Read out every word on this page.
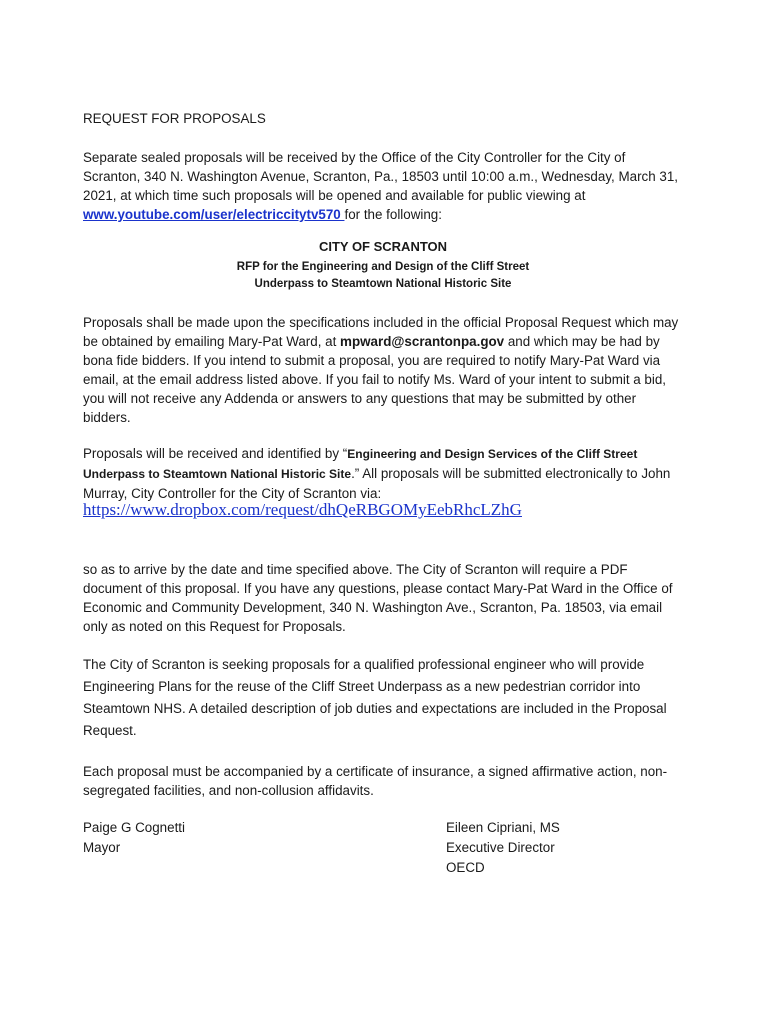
REQUEST FOR PROPOSALS

Separate sealed proposals will be received by the Office of the City Controller for the City of Scranton, 340 N. Washington Avenue, Scranton, Pa., 18503 until 10:00 a.m., Wednesday, March 31, 2021, at which time such proposals will be opened and available for public viewing at www.youtube.com/user/electriccitytv570 for the following:

CITY OF SCRANTON

RFP for the Engineering and Design of the Cliff Street
Underpass to Steamtown National Historic Site

Proposals shall be made upon the specifications included in the official Proposal Request which may be obtained by emailing Mary-Pat Ward, at mpward@scrantonpa.gov and which may be had by bona fide bidders. If you intend to submit a proposal, you are required to notify Mary-Pat Ward via email, at the email address listed above. If you fail to notify Ms. Ward of your intent to submit a bid, you will not receive any Addenda or answers to any questions that may be submitted by other bidders.

Proposals will be received and identified by “Engineering and Design Services of the Cliff Street Underpass to Steamtown National Historic Site.” All proposals will be submitted electronically to John Murray, City Controller for the City of Scranton via:

https://www.dropbox.com/request/dhQeRBGOMyEebRhcLZhG

so as to arrive by the date and time specified above. The City of Scranton will require a PDF document of this proposal. If you have any questions, please contact Mary-Pat Ward in the Office of Economic and Community Development, 340 N. Washington Ave., Scranton, Pa. 18503, via email only as noted on this Request for Proposals.

The City of Scranton is seeking proposals for a qualified professional engineer who will provide Engineering Plans for the reuse of the Cliff Street Underpass as a new pedestrian corridor into Steamtown NHS. A detailed description of job duties and expectations are included in the Proposal Request.

Each proposal must be accompanied by a certificate of insurance, a signed affirmative action, non-segregated facilities, and non-collusion affidavits.

Paige G Cognetti
Mayor
Eileen Cipriani, MS
Executive Director
OECD
